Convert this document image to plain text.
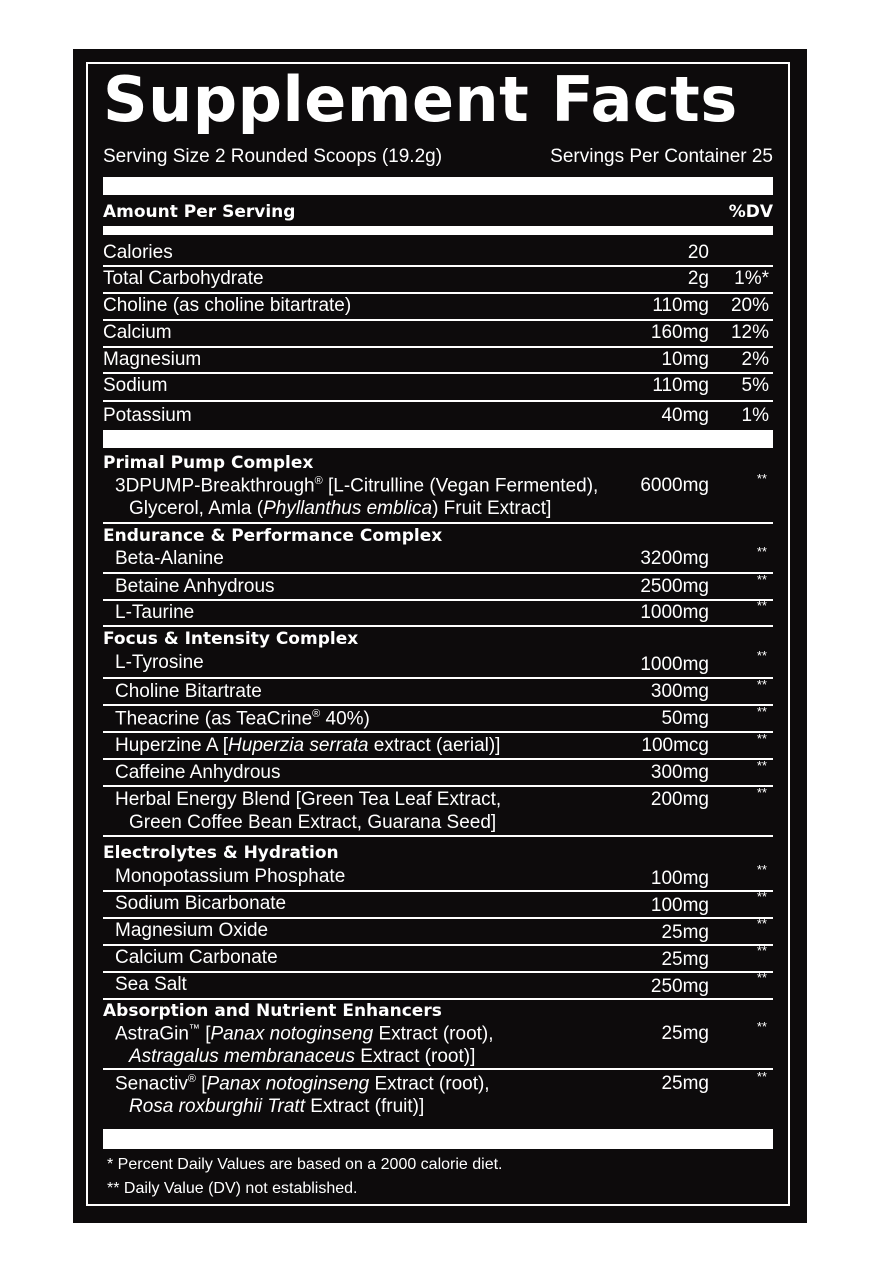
Supplement Facts
Serving Size 2 Rounded Scoops (19.2g)	Servings Per Container 25
Amount Per Serving	%DV
Calories	20
Total Carbohydrate	2g 1%*
Choline (as choline bitartrate)	110mg 20%
Calcium	160mg 12%
Magnesium	10mg 2%
Sodium	110mg 5%
Potassium	40mg 1%
Primal Pump Complex
3DPUMP-Breakthrough® [L-Citrulline (Vegan Fermented),
Glycerol, Amla (Phyllanthus emblica) Fruit Extract]
6000mg	**
Endurance & Performance Complex
Beta-Alanine	3200mg	**
Betaine Anhydrous	2500mg	**
L-Taurine	1000mg	**
Focus & Intensity Complex
L-Tyrosine	1000mg	**
Choline Bitartrate	300mg	**
Theacrine (as TeaCrine® 40%)	50mg	**
Huperzine A [Huperzia serrata extract (aerial)]	100mcg	**
Caffeine Anhydrous	300mg	**
Herbal Energy Blend [Green Tea Leaf Extract,
Green Coffee Bean Extract, Guarana Seed]
200mg	**
Electrolytes & Hydration
Monopotassium Phosphate	100mg	**
Sodium Bicarbonate	100mg	**
Magnesium Oxide	25mg	**
Calcium Carbonate	25mg	**
Sea Salt	250mg	**
Absorption and Nutrient Enhancers
AstraGin™ [Panax notoginseng Extract (root),
Astragalus membranaceus Extract (root)]
25mg	**
Senactiv® [Panax notoginseng Extract (root),
Rosa roxburghii Tratt Extract (fruit)]
25mg	**
* Percent Daily Values are based on a 2000 calorie diet.
** Daily Value (DV) not established.
